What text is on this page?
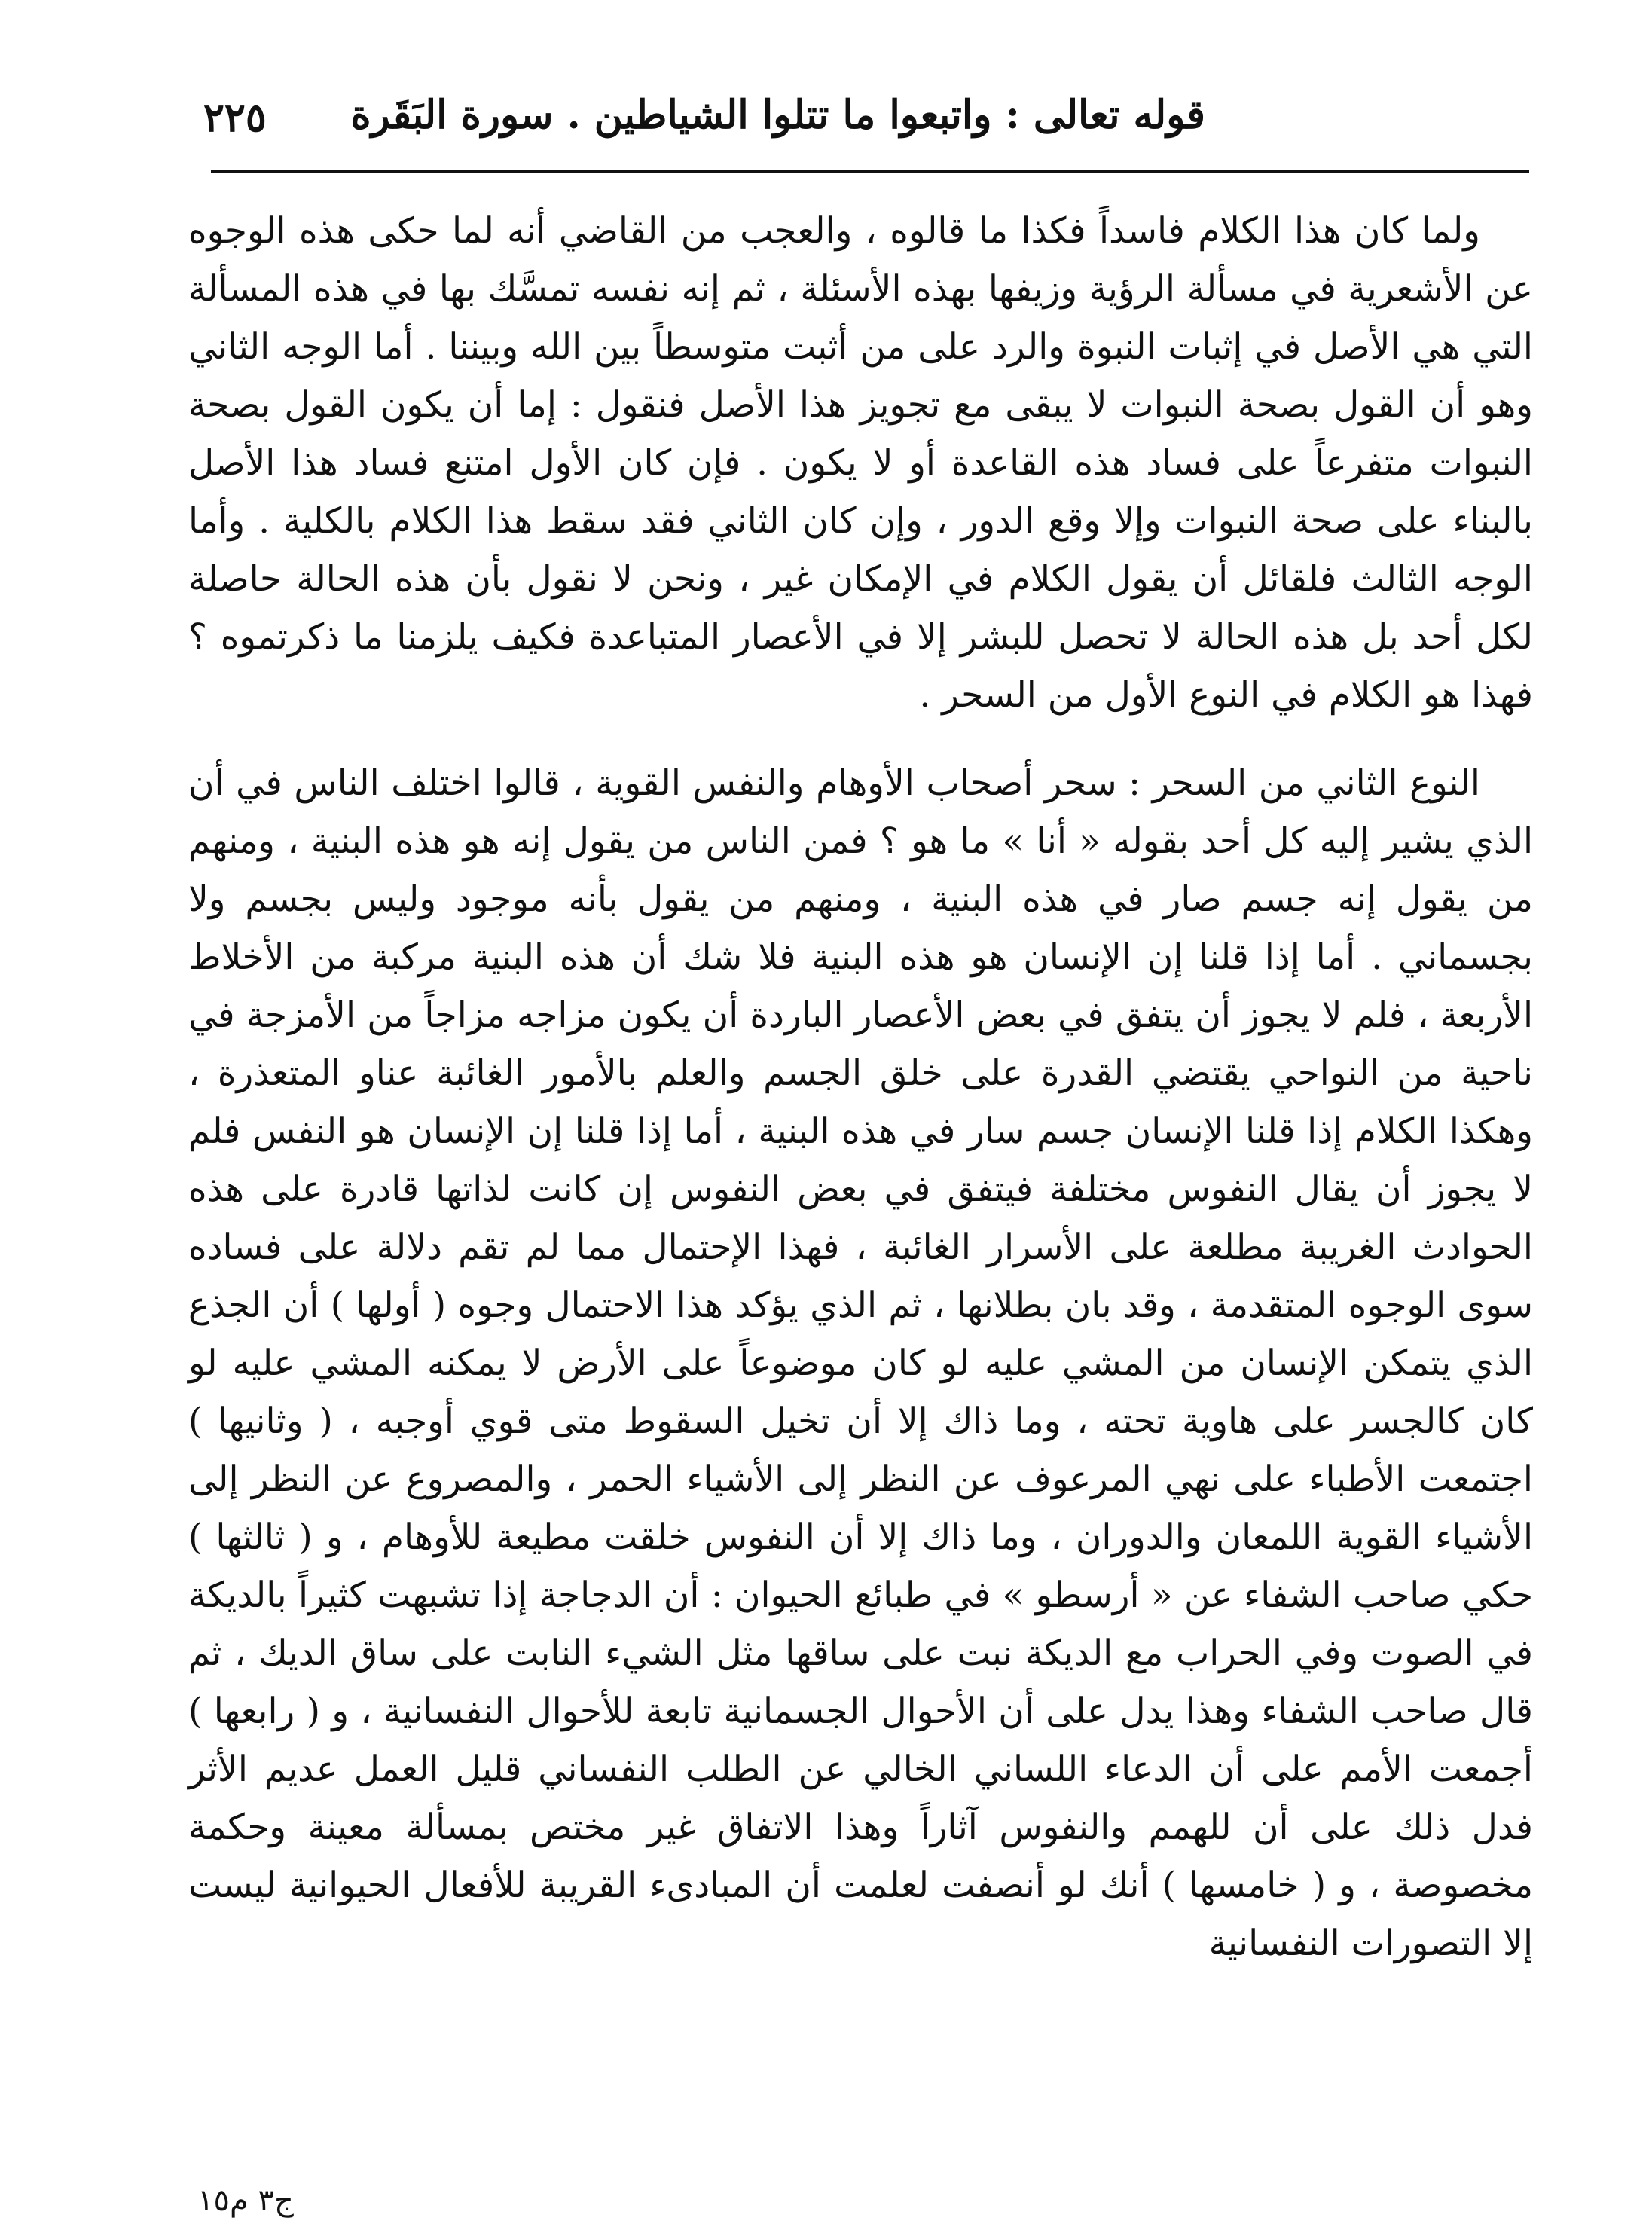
قوله تعالى : واتبعوا ما تتلوا الشياطين . سورة البَقَرة
٢٢٥

ولما كان هذا الكلام فاسداً فكذا ما قالوه ، والعجب من القاضي أنه لما حكى هذه الوجوه عن الأشعرية في مسألة الرؤية وزيفها بهذه الأسئلة ، ثم إنه نفسه تمسَّك بها في هذه المسألة التي هي الأصل في إثبات النبوة والرد على من أثبت متوسطاً بين الله وبيننا . أما الوجه الثاني وهو أن القول بصحة النبوات لا يبقى مع تجويز هذا الأصل فنقول : إما أن يكون القول بصحة النبوات متفرعاً على فساد هذه القاعدة أو لا يكون . فإن كان الأول امتنع فساد هذا الأصل بالبناء على صحة النبوات وإلا وقع الدور ، وإن كان الثاني فقد سقط هذا الكلام بالكلية . وأما الوجه الثالث فلقائل أن يقول الكلام في الإمكان غير ، ونحن لا نقول بأن هذه الحالة حاصلة لكل أحد بل هذه الحالة لا تحصل للبشر إلا في الأعصار المتباعدة فكيف يلزمنا ما ذكرتموه ؟ فهذا هو الكلام في النوع الأول من السحر .

النوع الثاني من السحر : سحر أصحاب الأوهام والنفس القوية ، قالوا اختلف الناس في أن الذي يشير إليه كل أحد بقوله « أنا » ما هو ؟ فمن الناس من يقول إنه هو هذه البنية ، ومنهم من يقول إنه جسم صار في هذه البنية ، ومنهم من يقول بأنه موجود وليس بجسم ولا بجسماني . أما إذا قلنا إن الإنسان هو هذه البنية فلا شك أن هذه البنية مركبة من الأخلاط الأربعة ، فلم لا يجوز أن يتفق في بعض الأعصار الباردة أن يكون مزاجه مزاجاً من الأمزجة في ناحية من النواحي يقتضي القدرة على خلق الجسم والعلم بالأمور الغائبة عناو المتعذرة ، وهكذا الكلام إذا قلنا الإنسان جسم سار في هذه البنية ، أما إذا قلنا إن الإنسان هو النفس فلم لا يجوز أن يقال النفوس مختلفة فيتفق في بعض النفوس إن كانت لذاتها قادرة على هذه الحوادث الغريبة مطلعة على الأسرار الغائبة ، فهذا الإحتمال مما لم تقم دلالة على فساده سوى الوجوه المتقدمة ، وقد بان بطلانها ، ثم الذي يؤكد هذا الاحتمال وجوه ( أولها ) أن الجذع الذي يتمكن الإنسان من المشي عليه لو كان موضوعاً على الأرض لا يمكنه المشي عليه لو كان كالجسر على هاوية تحته ، وما ذاك إلا أن تخيل السقوط متى قوي أوجبه ، ( وثانيها ) اجتمعت الأطباء على نهي المرعوف عن النظر إلى الأشياء الحمر ، والمصروع عن النظر إلى الأشياء القوية اللمعان والدوران ، وما ذاك إلا أن النفوس خلقت مطيعة للأوهام ، و ( ثالثها ) حكي صاحب الشفاء عن « أرسطو » في طبائع الحيوان : أن الدجاجة إذا تشبهت كثيراً بالديكة في الصوت وفي الحراب مع الديكة نبت على ساقها مثل الشيء النابت على ساق الديك ، ثم قال صاحب الشفاء وهذا يدل على أن الأحوال الجسمانية تابعة للأحوال النفسانية ، و ( رابعها ) أجمعت الأمم على أن الدعاء اللساني الخالي عن الطلب النفساني قليل العمل عديم الأثر فدل ذلك على أن للهمم والنفوس آثاراً وهذا الاتفاق غير مختص بمسألة معينة وحكمة مخصوصة ، و ( خامسها ) أنك لو أنصفت لعلمت أن المبادىء القريبة للأفعال الحيوانية ليست إلا التصورات النفسانية

ج٣ م١٥
